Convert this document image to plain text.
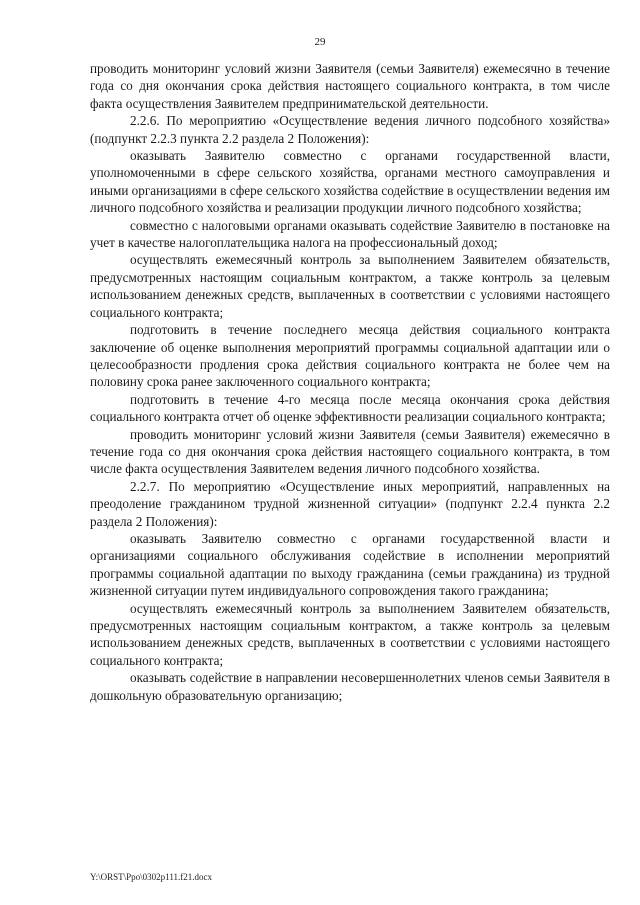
29

проводить мониторинг условий жизни Заявителя (семьи Заявителя) ежемесячно в течение года со дня окончания срока действия настоящего социального контракта, в том числе факта осуществления Заявителем предпринимательской деятельности.

2.2.6. По мероприятию «Осуществление ведения личного подсобного хозяйства» (подпункт 2.2.3 пункта 2.2 раздела 2 Положения):

оказывать Заявителю совместно с органами государственной власти, уполномоченными в сфере сельского хозяйства, органами местного самоуправления и иными организациями в сфере сельского хозяйства содействие в осуществлении ведения им личного подсобного хозяйства и реализации продукции личного подсобного хозяйства;

совместно с налоговыми органами оказывать содействие Заявителю в постановке на учет в качестве налогоплательщика налога на профессиональный доход;

осуществлять ежемесячный контроль за выполнением Заявителем обязательств, предусмотренных настоящим социальным контрактом, а также контроль за целевым использованием денежных средств, выплаченных в соответствии с условиями настоящего социального контракта;

подготовить в течение последнего месяца действия социального контракта заключение об оценке выполнения мероприятий программы социальной адаптации или о целесообразности продления срока действия социального контракта не более чем на половину срока ранее заключенного социального контракта;

подготовить в течение 4-го месяца после месяца окончания срока действия социального контракта отчет об оценке эффективности реализации социального контракта;

проводить мониторинг условий жизни Заявителя (семьи Заявителя) ежемесячно в течение года со дня окончания срока действия настоящего социального контракта, в том числе факта осуществления Заявителем ведения личного подсобного хозяйства.

2.2.7. По мероприятию «Осуществление иных мероприятий, направленных на преодоление гражданином трудной жизненной ситуации» (подпункт 2.2.4 пункта 2.2 раздела 2 Положения):

оказывать Заявителю совместно с органами государственной власти и организациями социального обслуживания содействие в исполнении мероприятий программы социальной адаптации по выходу гражданина (семьи гражданина) из трудной жизненной ситуации путем индивидуального сопровождения такого гражданина;

осуществлять ежемесячный контроль за выполнением Заявителем обязательств, предусмотренных настоящим социальным контрактом, а также контроль за целевым использованием денежных средств, выплаченных в соответствии с условиями настоящего социального контракта;

оказывать содействие в направлении несовершеннолетних членов семьи Заявителя в дошкольную образовательную организацию;

Y:\ORST\Ppo\0302p111.f21.docx
